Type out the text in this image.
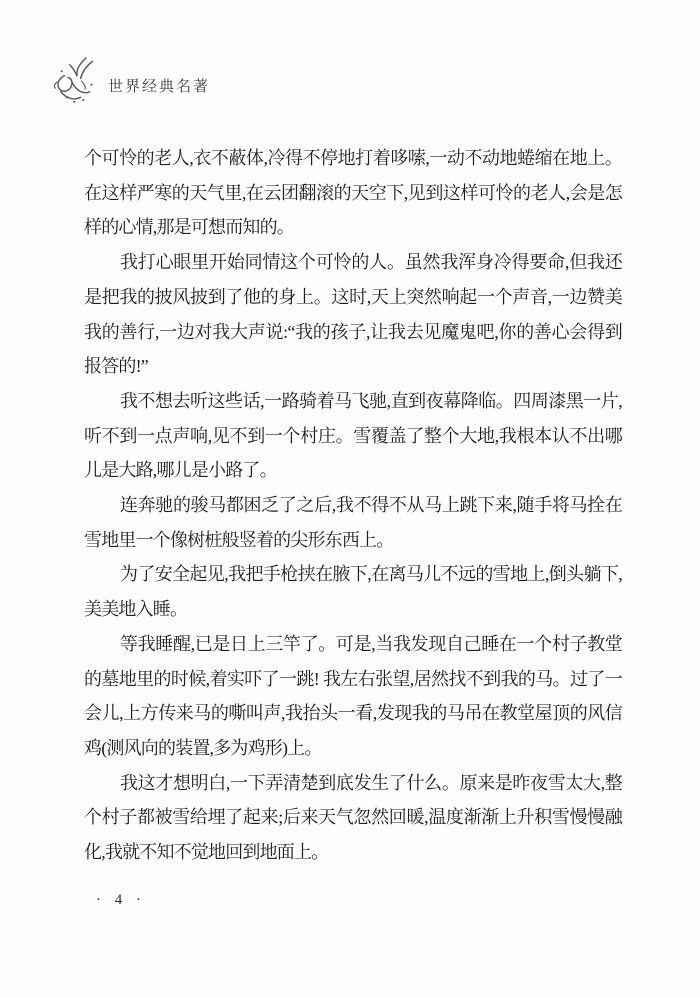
世界经典名著

个可怜的老人,衣不蔽体,冷得不停地打着哆嗦,一动不动地蜷缩在地上。在这样严寒的天气里,在云团翻滚的天空下,见到这样可怜的老人,会是怎样的心情,那是可想而知的。

我打心眼里开始同情这个可怜的人。虽然我浑身冷得要命,但我还是把我的披风披到了他的身上。这时,天上突然响起一个声音,一边赞美我的善行,一边对我大声说:“我的孩子,让我去见魔鬼吧,你的善心会得到报答的!”

我不想去听这些话,一路骑着马飞驰,直到夜幕降临。四周漆黑一片,听不到一点声响,见不到一个村庄。雪覆盖了整个大地,我根本认不出哪儿是大路,哪儿是小路了。

连奔驰的骏马都困乏了之后,我不得不从马上跳下来,随手将马拴在雪地里一个像树桩般竖着的尖形东西上。

为了安全起见,我把手枪挟在腋下,在离马儿不远的雪地上,倒头躺下,美美地入睡。

等我睡醒,已是日上三竿了。可是,当我发现自己睡在一个村子教堂的墓地里的时候,着实吓了一跳! 我左右张望,居然找不到我的马。过了一会儿,上方传来马的嘶叫声,我抬头一看,发现我的马吊在教堂屋顶的风信鸡(测风向的装置,多为鸡形)上。

我这才想明白,一下弄清楚到底发生了什么。原来是昨夜雪太大,整个村子都被雪给埋了起来;后来天气忽然回暖,温度渐渐上升积雪慢慢融化,我就不知不觉地回到地面上。

· 4 ·
